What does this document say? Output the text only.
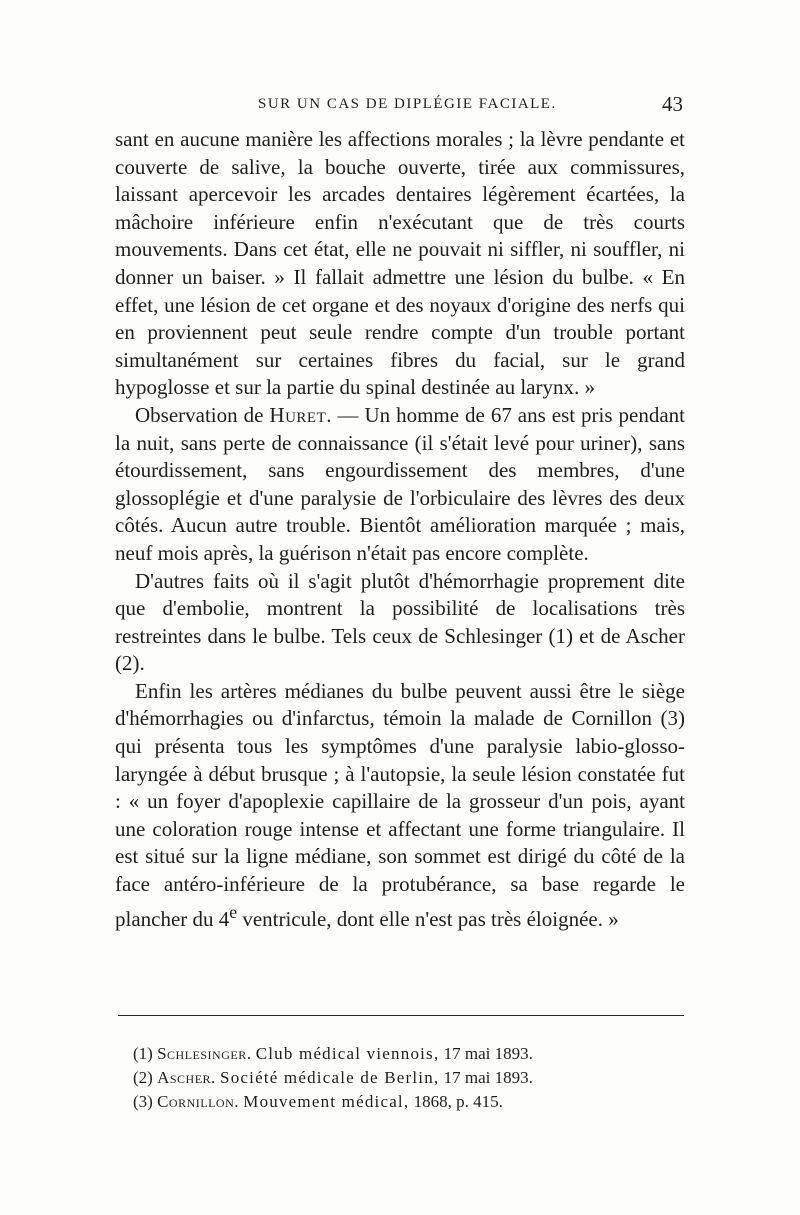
SUR UN CAS DE DIPLÉGIE FACIALE.	43

sant en aucune manière les affections morales ; la lèvre pendante et couverte de salive, la bouche ouverte, tirée aux commissures, laissant apercevoir les arcades dentaires légèrement écartées, la mâchoire inférieure enfin n'exécutant que de très courts mouvements. Dans cet état, elle ne pouvait ni siffler, ni souffler, ni donner un baiser. » Il fallait admettre une lésion du bulbe. « En effet, une lésion de cet organe et des noyaux d'origine des nerfs qui en proviennent peut seule rendre compte d'un trouble portant simultanément sur certaines fibres du facial, sur le grand hypoglosse et sur la partie du spinal destinée au larynx. »

Observation de Huret. — Un homme de 67 ans est pris pendant la nuit, sans perte de connaissance (il s'était levé pour uriner), sans étourdissement, sans engourdissement des membres, d'une glossoplégie et d'une paralysie de l'orbiculaire des lèvres des deux côtés. Aucun autre trouble. Bientôt amélioration marquée ; mais, neuf mois après, la guérison n'était pas encore complète.

D'autres faits où il s'agit plutôt d'hémorrhagie proprement dite que d'embolie, montrent la possibilité de localisations très restreintes dans le bulbe. Tels ceux de Schlesinger (1) et de Ascher (2).

Enfin les artères médianes du bulbe peuvent aussi être le siège d'hémorrhagies ou d'infarctus, témoin la malade de Cornillon (3) qui présenta tous les symptômes d'une paralysie labio-glosso-laryngée à début brusque ; à l'autopsie, la seule lésion constatée fut : « un foyer d'apoplexie capillaire de la grosseur d'un pois, ayant une coloration rouge intense et affectant une forme triangulaire. Il est situé sur la ligne médiane, son sommet est dirigé du côté de la face antéro-inférieure de la protubérance, sa base regarde le plancher du 4e ventricule, dont elle n'est pas très éloignée. »

(1) Schlesinger. Club médical viennois, 17 mai 1893.
(2) Ascher. Société médicale de Berlin, 17 mai 1893.
(3) Cornillon. Mouvement médical, 1868, p. 415.
